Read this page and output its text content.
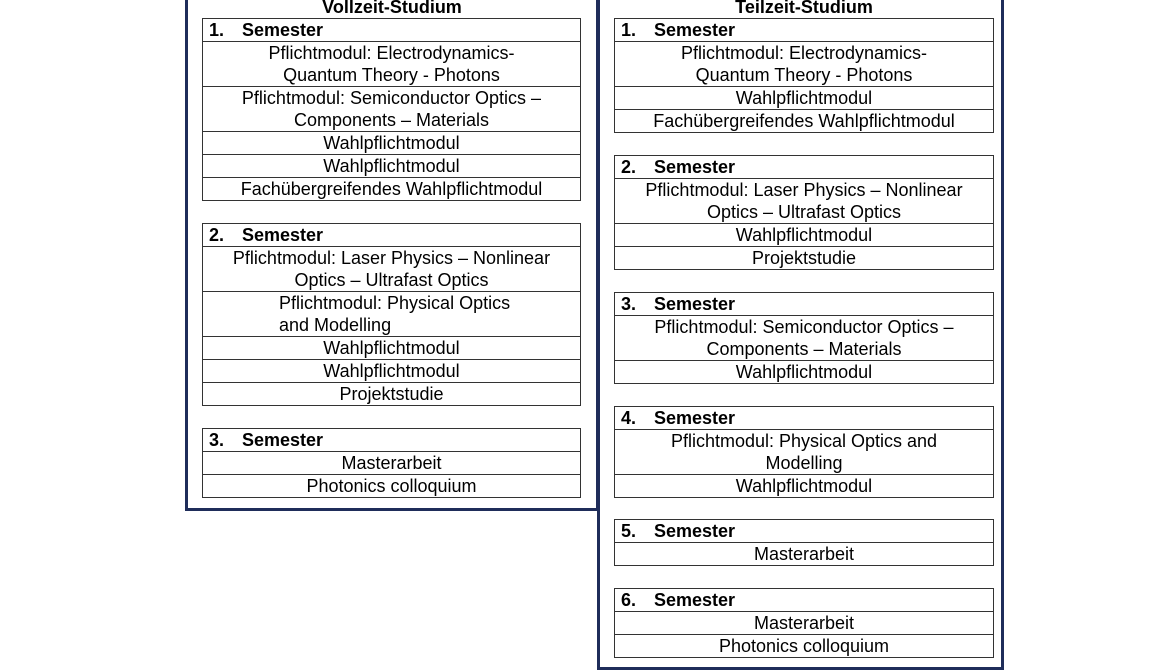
Vollzeit-Studium	Teilzeit-Studium
1. Semester
Pflichtmodul: Electrodynamics-
Quantum Theory - Photons
Pflichtmodul: Semiconductor Optics –
Components – Materials
Wahlpflichtmodul
Wahlpflichtmodul
Fachübergreifendes Wahlpflichtmodul
2. Semester
Pflichtmodul: Laser Physics – Nonlinear
Optics – Ultrafast Optics
Pflichtmodul: Physical Optics
and Modelling
Wahlpflichtmodul
Wahlpflichtmodul
Projektstudie
3. Semester
Masterarbeit
Photonics colloquium
1. Semester
Pflichtmodul: Electrodynamics-
Quantum Theory - Photons
Wahlpflichtmodul
Fachübergreifendes Wahlpflichtmodul
2. Semester
Pflichtmodul: Laser Physics – Nonlinear
Optics – Ultrafast Optics
Wahlpflichtmodul
Projektstudie
3. Semester
Pflichtmodul: Semiconductor Optics –
Components – Materials
Wahlpflichtmodul
4. Semester
Pflichtmodul: Physical Optics and
Modelling
Wahlpflichtmodul
5. Semester
Masterarbeit
6. Semester
Masterarbeit
Photonics colloquium
